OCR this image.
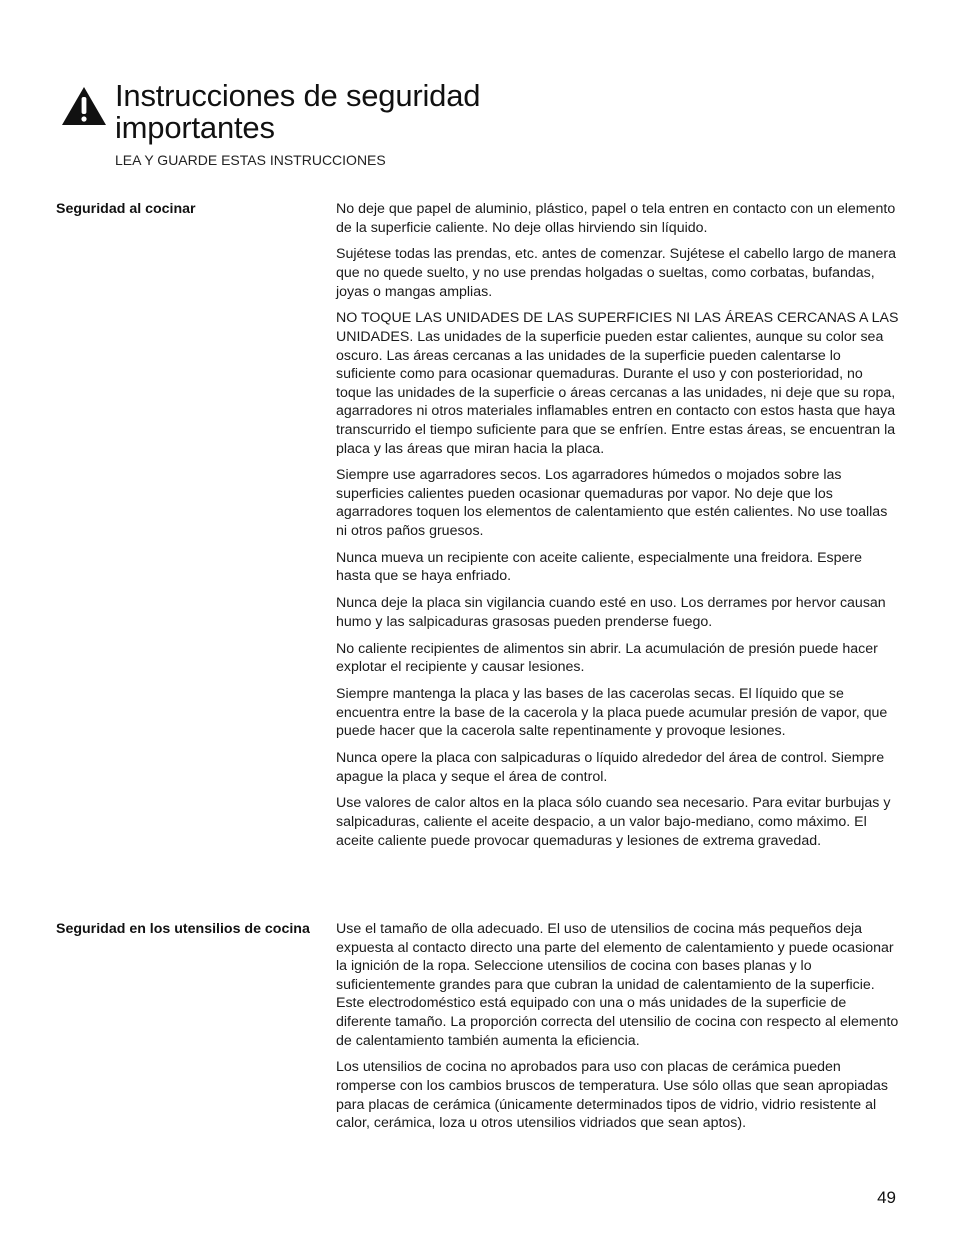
Instrucciones de seguridad
importantes
LEA Y GUARDE ESTAS INSTRUCCIONES
Seguridad al cocinar	No deje que papel de aluminio, plástico, papel o tela entren en contacto con un elemento de la superficie caliente. No deje ollas hirviendo sin líquido.

Sujétese todas las prendas, etc. antes de comenzar. Sujétese el cabello largo de manera que no quede suelto, y no use prendas holgadas o sueltas, como corbatas, bufandas, joyas o mangas amplias.

NO TOQUE LAS UNIDADES DE LAS SUPERFICIES NI LAS ÁREAS CERCANAS A LAS UNIDADES. Las unidades de la superficie pueden estar calientes, aunque su color sea oscuro. Las áreas cercanas a las unidades de la superficie pueden calentarse lo suficiente como para ocasionar quemaduras. Durante el uso y con posterioridad, no toque las unidades de la superficie o áreas cercanas a las unidades, ni deje que su ropa, agarradores ni otros materiales inflamables entren en contacto con estos hasta que haya transcurrido el tiempo suficiente para que se enfríen. Entre estas áreas, se encuentran la placa y las áreas que miran hacia la placa.

Siempre use agarradores secos. Los agarradores húmedos o mojados sobre las superficies calientes pueden ocasionar quemaduras por vapor. No deje que los agarradores toquen los elementos de calentamiento que estén calientes. No use toallas ni otros paños gruesos.

Nunca mueva un recipiente con aceite caliente, especialmente una freidora. Espere hasta que se haya enfriado.

Nunca deje la placa sin vigilancia cuando esté en uso. Los derrames por hervor causan humo y las salpicaduras grasosas pueden prenderse fuego.

No caliente recipientes de alimentos sin abrir. La acumulación de presión puede hacer explotar el recipiente y causar lesiones.

Siempre mantenga la placa y las bases de las cacerolas secas. El líquido que se encuentra entre la base de la cacerola y la placa puede acumular presión de vapor, que puede hacer que la cacerola salte repentinamente y provoque lesiones.

Nunca opere la placa con salpicaduras o líquido alrededor del área de control. Siempre apague la placa y seque el área de control.

Use valores de calor altos en la placa sólo cuando sea necesario. Para evitar burbujas y salpicaduras, caliente el aceite despacio, a un valor bajo-mediano, como máximo. El aceite caliente puede provocar quemaduras y lesiones de extrema gravedad.

Seguridad en los utensilios de cocina	Use el tamaño de olla adecuado. El uso de utensilios de cocina más pequeños deja expuesta al contacto directo una parte del elemento de calentamiento y puede ocasionar la ignición de la ropa. Seleccione utensilios de cocina con bases planas y lo suficientemente grandes para que cubran la unidad de calentamiento de la superficie. Este electrodoméstico está equipado con una o más unidades de la superficie de diferente tamaño. La proporción correcta del utensilio de cocina con respecto al elemento de calentamiento también aumenta la eficiencia.

Los utensilios de cocina no aprobados para uso con placas de cerámica pueden romperse con los cambios bruscos de temperatura. Use sólo ollas que sean apropiadas para placas de cerámica (únicamente determinados tipos de vidrio, vidrio resistente al calor, cerámica, loza u otros utensilios vidriados que sean aptos).

49
